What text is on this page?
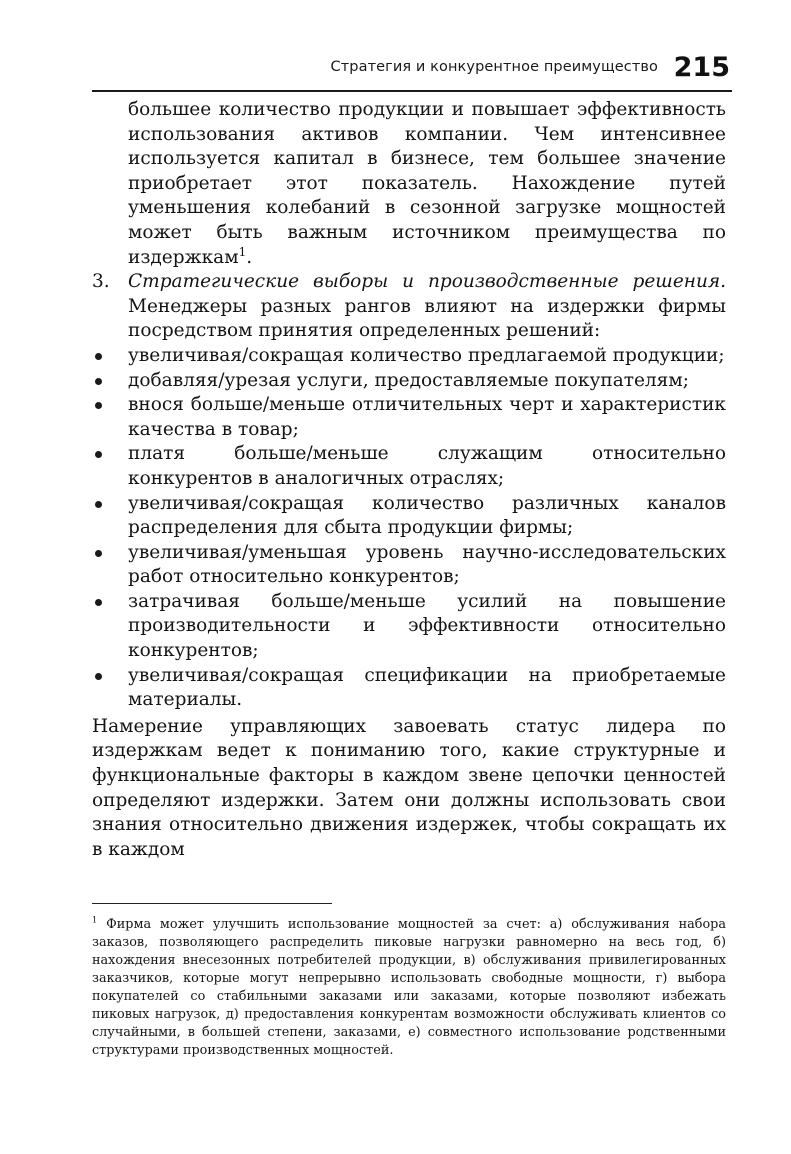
Стратегия и конкурентное преимущество 215

большее количество продукции и повышает эффективность использования активов компании. Чем интенсивнее используется капитал в бизнесе, тем большее значение приобретает этот показатель. Нахождение путей уменьшения колебаний в сезонной загрузке мощностей может быть важным источником преимущества по издержкам$^1$.

3. Стратегические выборы и производственные решения. Менеджеры разных рангов влияют на издержки фирмы посредством принятия определенных решений:

увеличивая/сокращая количество предлагаемой продукции;
добавляя/урезая услуги, предоставляемые покупателям;
внося больше/меньше отличительных черт и характеристик качества в товар;
платя больше/меньше служащим относительно конкурентов в аналогичных отраслях;
увеличивая/сокращая количество различных каналов распределения для сбыта продукции фирмы;
увеличивая/уменьшая уровень научно-исследовательских работ относительно конкурентов;
затрачивая больше/меньше усилий на повышение производительности и эффективности относительно конкурентов;
увеличивая/сокращая спецификации на приобретаемые материалы.

Намерение управляющих завоевать статус лидера по издержкам ведет к пониманию того, какие структурные и функциональные факторы в каждом звене цепочки ценностей определяют издержки. Затем они должны использовать свои знания относительно движения издержек, чтобы сокращать их в каждом

$^1$ Фирма может улучшить использование мощностей за счет: а) обслуживания набора заказов, позволяющего распределить пиковые нагрузки равномерно на весь год, б) нахождения внесезонных потребителей продукции, в) обслуживания привилегированных заказчиков, которые могут непрерывно использовать свободные мощности, г) выбора покупателей со стабильными заказами или заказами, которые позволяют избежать пиковых нагрузок, д) предоставления конкурентам возможности обслуживать клиентов со случайными, в большей степени, заказами, е) совместного использование родственными структурами производственных мощностей.
